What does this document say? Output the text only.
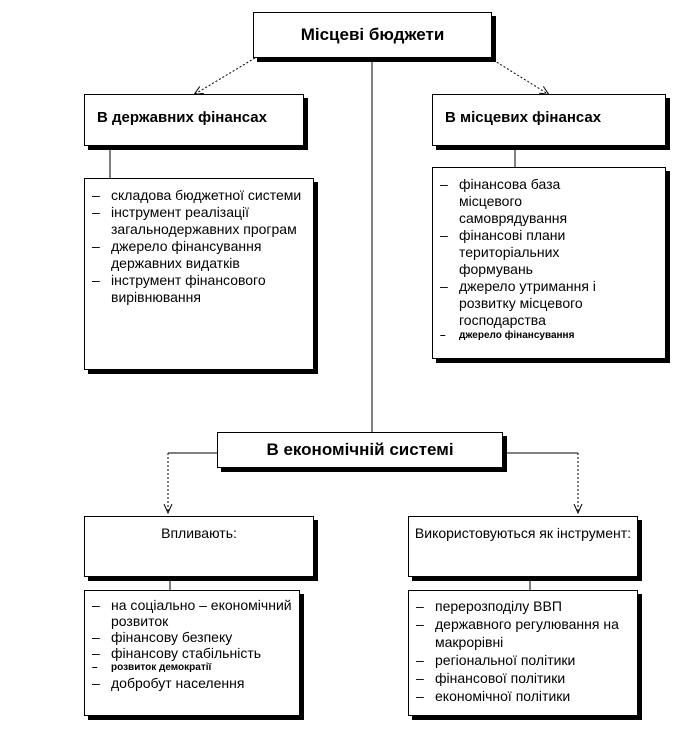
Місцеві бюджети
В державних фінансах	В місцевих фінансах
– складова бюджетної системи
– інструмент реалізації загальнодержавних програм
– джерело фінансування державних видатків
– інструмент фінансового вирівнювання
– фінансова база місцевого самоврядування
– фінансові плани територіальних формувань
– джерело утримання і розвитку місцевого господарства
– джерело фінансування
В економічній системі
Впливають:	Використовуються як інструмент:
– на соціально – економічний розвиток
– фінансову безпеку
– фінансову стабільність
– розвиток демократії
– добробут населення
– перерозподілу ВВП
– державного регулювання на макрорівні
– регіональної політики
– фінансової політики
– економічної політики
